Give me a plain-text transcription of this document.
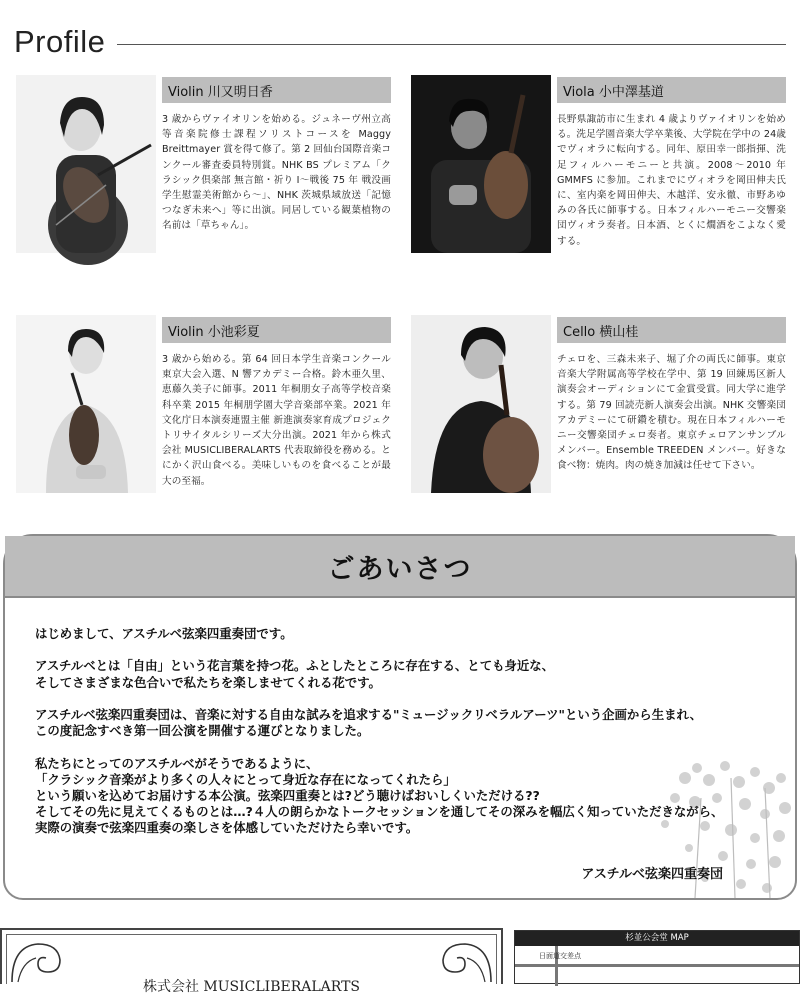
Profile
Violin 川又明日香
3 歳からヴァイオリンを始める。ジュネーヴ州立高等音楽院修士課程ソリストコースを Maggy Breittmayer 賞を得て修了。第 2 回仙台国際音楽コンクール審査委員特別賞。NHK BS プレミアム「クラシック倶楽部 無言館・祈り I〜戦後 75 年 戦没画学生慰霊美術館から〜」、NHK 茨城県域放送「記憶つなぎ未来へ」等に出演。同居している観葉植物の名前は「草ちゃん」。
Viola 小中澤基道
長野県諏訪市に生まれ 4 歳よりヴァイオリンを始める。洗足学園音楽大学卒業後、大学院在学中の 24歳でヴィオラに転向する。同年、原田幸一郎指揮、洗足フィルハーモニーと共演。2008〜2010 年 GMMFS に参加。これまでにヴィオラを岡田伸夫氏に、室内楽を岡田伸夫、木越洋、安永徹、市野あゆみの各氏に師事する。日本フィルハーモニー交響楽団ヴィオラ奏者。日本酒、とくに燗酒をこよなく愛する。
Violin 小池彩夏
3 歳から始める。第 64 回日本学生音楽コンクール東京大会入選、N 響アカデミー合格。鈴木亜久里、恵藤久美子に師事。2011 年桐朋女子高等学校音楽科卒業 2015 年桐朋学園大学音楽部卒業。2021 年文化庁日本演奏連盟主催 新進演奏家育成プロジェクトリサイタルシリーズ大分出演。2021 年から株式会社 MUSICLIBERALARTS 代表取締役を務める。とにかく沢山食べる。美味しいものを食べることが最大の至福。
Cello 横山桂
チェロを、三森未来子、堀了介の両氏に師事。東京音楽大学附属高等学校在学中、第 19 回練馬区新人演奏会オーディションにて金賞受賞。同大学に進学する。第 79 回読売新人演奏会出演。NHK 交響楽団アカデミーにて研鑽を積む。現在日本フィルハーモニー交響楽団チェロ奏者。東京チェロアンサンブルメンバー。Ensemble TREEDEN メンバー。好きな食べ物：焼肉。肉の焼き加減は任せて下さい。
ごあいさつ

はじめまして、アスチルベ弦楽四重奏団です。

アスチルベとは「自由」という花言葉を持つ花。ふとしたところに存在する、とても身近な、
そしてさまざまな色合いで私たちを楽しませてくれる花です。

アスチルベ弦楽四重奏団は、音楽に対する自由な試みを追求する"ミュージックリベラルアーツ"という企画から生まれ、
この度記念すべき第一回公演を開催する運びとなりました。

私たちにとってのアスチルベがそうであるように、
「クラシック音楽がより多くの人々にとって身近な存在になってくれたら」
という願いを込めてお届けする本公演。弦楽四重奏とは?どう聴けばおいしくいただける??
そしてその先に見えてくるものとは…?４人の朗らかなトークセッションを通してその深みを幅広く知っていただきながら、
実際の演奏で弦楽四重奏の楽しさを体感していただけたら幸いです。

アスチルベ弦楽四重奏団
株式会社 MUSICLIBERALARTS
杉並公会堂 MAP
日面道交差点
